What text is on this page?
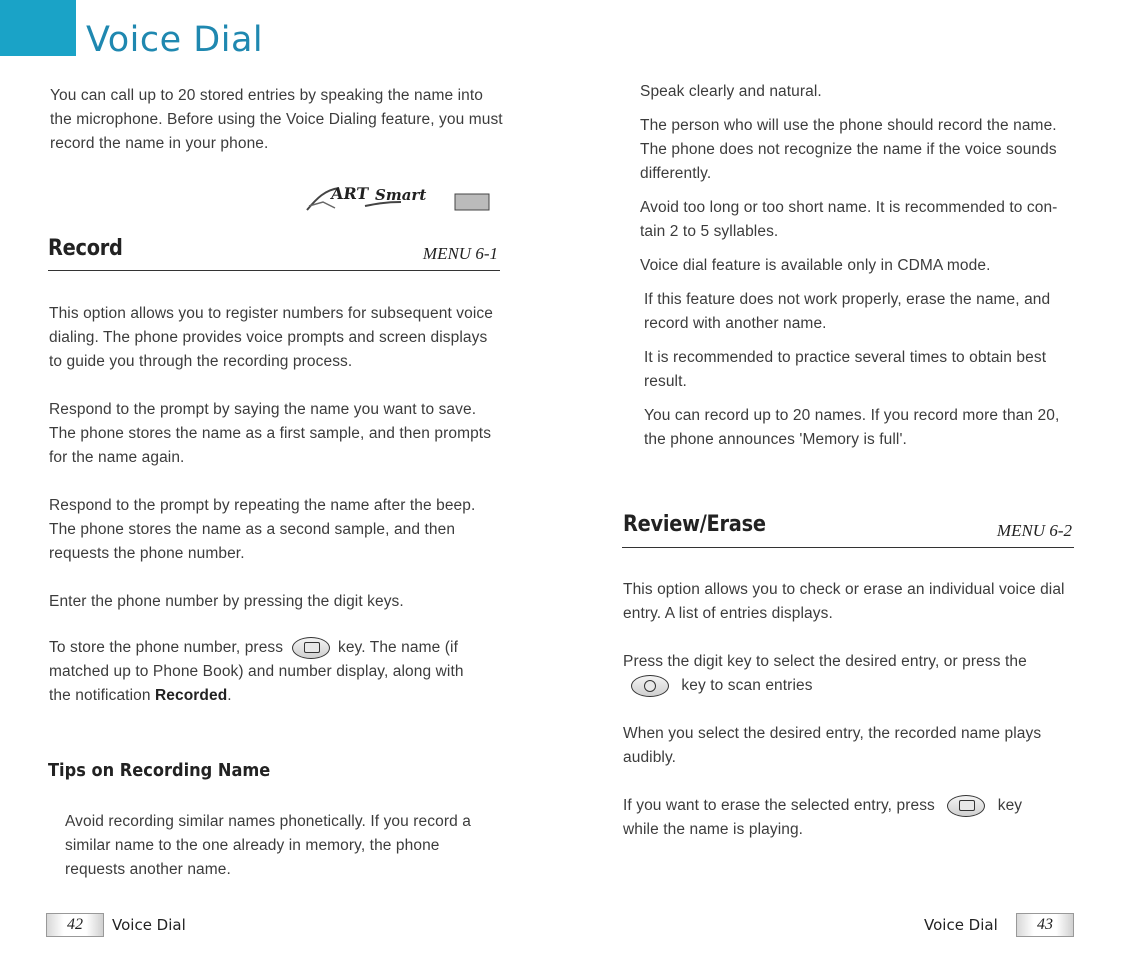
Voice Dial

You can call up to 20 stored entries by speaking the name into the microphone. Before using the Voice Dialing feature, you must record the name in your phone.

ART Smart
Record	MENU 6-1

This option allows you to register numbers for subsequent voice dialing. The phone provides voice prompts and screen displays to guide you through the recording process.

Respond to the prompt by saying the name you want to save. The phone stores the name as a first sample, and then prompts for the name again.

Respond to the prompt by repeating the name after the beep. The phone stores the name as a second sample, and then requests the phone number.

Enter the phone number by pressing the digit keys.

To store the phone number, press	key. The name (if matched up to Phone Book) and number display, along with the notification Recorded.

Tips on Recording Name

Avoid recording similar names phonetically. If you record a similar name to the one already in memory, the phone requests another name.

Speak clearly and natural.

The person who will use the phone should record the name. The phone does not recognize the name if the voice sounds differently.

Avoid too long or too short name. It is recommended to con-tain 2 to 5 syllables.

Voice dial feature is available only in CDMA mode.

If this feature does not work properly, erase the name, and record with another name.

It is recommended to practice several times to obtain best result.

You can record up to 20 names. If you record more than 20, the phone announces 'Memory is full'.

Review/Erase	MENU 6-2

This option allows you to check or erase an individual voice dial entry. A list of entries displays.

Press the digit key to select the desired entry, or press the
key to scan entries

When you select the desired entry, the recorded name plays audibly.

If you want to erase the selected entry, press	key while the name is playing.

42	Voice Dial	Voice Dial	43
